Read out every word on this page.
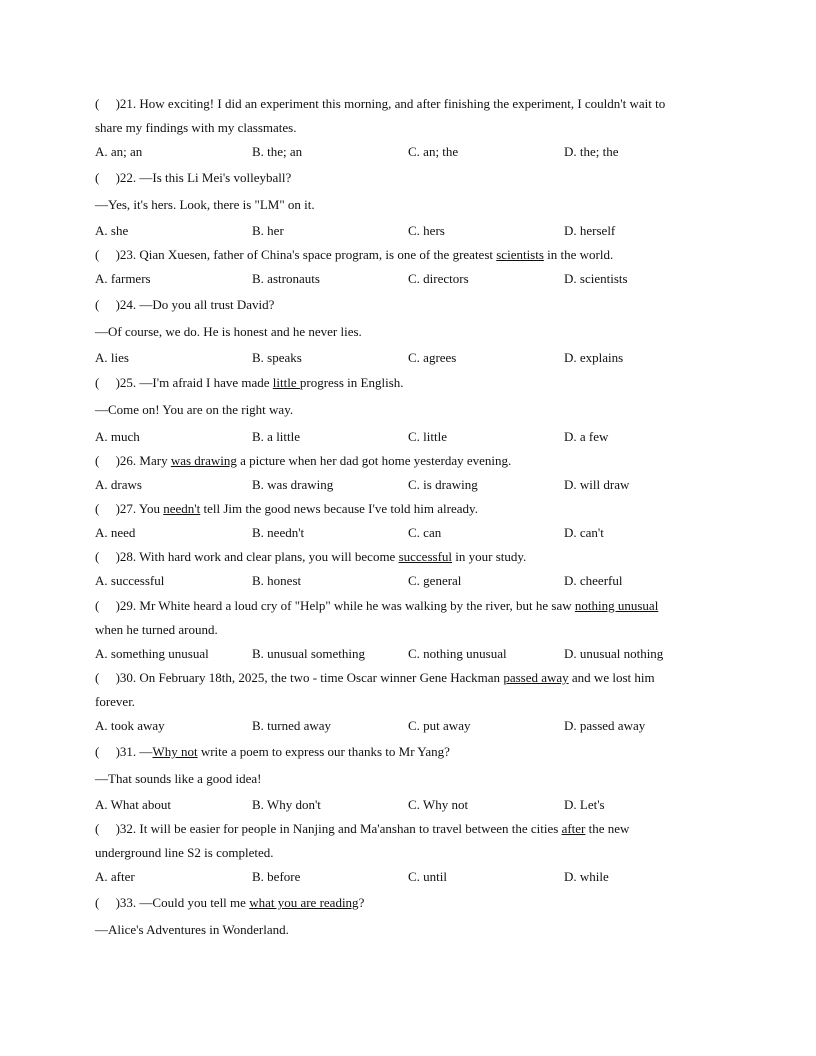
(     )21. How exciting! I did an experiment this morning, and after finishing the experiment, I couldn't wait to
share my findings with my classmates.
A. an; an	B. the; an	C. an; the	D. the; the
(     )22. —Is this Li Mei's volleyball?
—Yes, it's hers. Look, there is "LM" on it.
A. she	B. her	C. hers	D. herself
(     )23. Qian Xuesen, father of China's space program, is one of the greatest scientists in the world.
A. farmers	B. astronauts	C. directors	D. scientists
(     )24. —Do you all trust David?
—Of course, we do. He is honest and he never lies.
A. lies	B. speaks	C. agrees	D. explains
(     )25. —I'm afraid I have made little progress in English.
—Come on! You are on the right way.
A. much	B. a little	C. little	D. a few
(     )26. Mary was drawing a picture when her dad got home yesterday evening.
A. draws	B. was drawing	C. is drawing	D. will draw
(     )27. You needn't tell Jim the good news because I've told him already.
A. need	B. needn't	C. can	D. can't
(     )28. With hard work and clear plans, you will become successful in your study.
A. successful	B. honest	C. general	D. cheerful
(     )29. Mr White heard a loud cry of "Help" while he was walking by the river, but he saw nothing unusual
when he turned around.
A. something unusual	B. unusual something	C. nothing unusual	D. unusual nothing
(     )30. On February 18th, 2025, the two - time Oscar winner Gene Hackman passed away and we lost him
forever.
A. took away	B. turned away	C. put away	D. passed away
(     )31. —Why not write a poem to express our thanks to Mr Yang?
—That sounds like a good idea!
A. What about	B. Why don't	C. Why not	D. Let's
(     )32. It will be easier for people in Nanjing and Ma'anshan to travel between the cities after the new
underground line S2 is completed.
A. after	B. before	C. until	D. while
(     )33. —Could you tell me what you are reading?
—Alice's Adventures in Wonderland.
